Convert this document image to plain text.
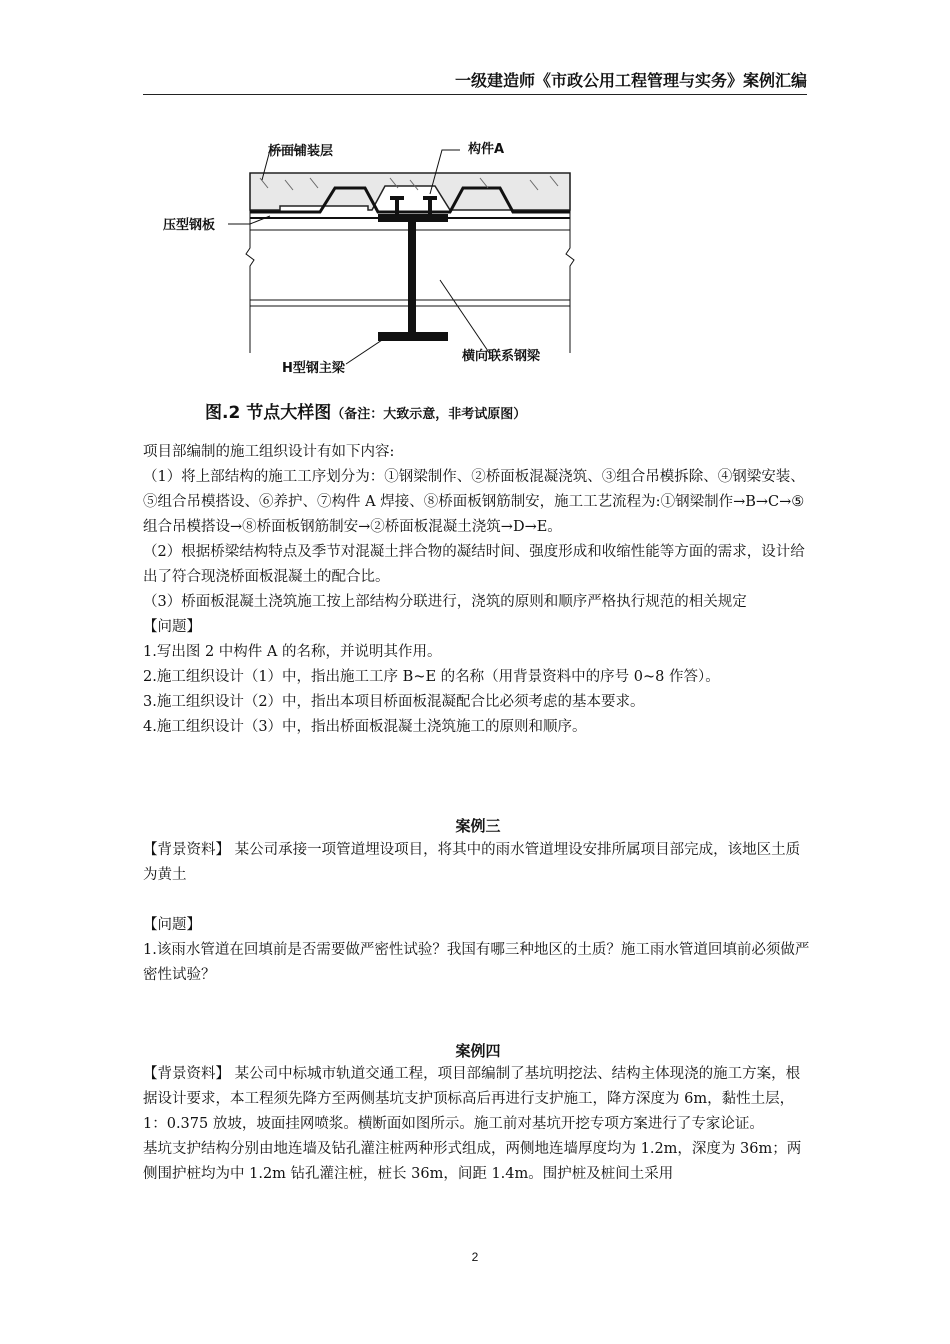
一级建造师《市政公用工程管理与实务》案例汇编
桥面铺装层	构件A
压型钢板
H型钢主梁
横向联系钢梁
图.2 节点大样图（备注：大致示意，非考试原图）

项目部编制的施工组织设计有如下内容:

（1）将上部结构的施工工序划分为：①钢梁制作、②桥面板混凝浇筑、③组合吊模拆除、④钢梁安装、⑤组合吊模搭设、⑥养护、⑦构件 A 焊接、⑧桥面板钢筋制安，施工工艺流程为:①钢梁制作→B→C→⑤组合吊模搭设→⑧桥面板钢筋制安→②桥面板混凝土浇筑→D→E。

（2）根据桥梁结构特点及季节对混凝土拌合物的凝结时间、强度形成和收缩性能等方面的需求，设计给出了符合现浇桥面板混凝土的配合比。

（3）桥面板混凝土浇筑施工按上部结构分联进行，浇筑的原则和顺序严格执行规范的相关规定

【问题】

1.写出图 2 中构件 A 的名称，并说明其作用。

2.施工组织设计（1）中，指出施工工序 B~E 的名称（用背景资料中的序号 0~8 作答）。

3.施工组织设计（2）中，指出本项目桥面板混凝配合比必须考虑的基本要求。

4.施工组织设计（3）中，指出桥面板混凝土浇筑施工的原则和顺序。

案例三

【背景资料】 某公司承接一项管道埋设项目，将其中的雨水管道埋设安排所属项目部完成，该地区土质为黄土

【问题】

1.该雨水管道在回填前是否需要做严密性试验？我国有哪三种地区的土质？施工雨水管道回填前必须做严密性试验？

案例四

【背景资料】 某公司中标城市轨道交通工程，项目部编制了基坑明挖法、结构主体现浇的施工方案，根据设计要求，本工程须先降方至两侧基坑支护顶标高后再进行支护施工，降方深度为 6m，黏性土层，1：0.375 放坡，坡面挂网喷浆。横断面如图所示。施工前对基坑开挖专项方案进行了专家论证。

基坑支护结构分别由地连墙及钻孔灌注桩两种形式组成，两侧地连墙厚度均为 1.2m，深度为 36m；两侧围护桩均为中 1.2m 钻孔灌注桩，桩长 36m，间距 1.4m。围护桩及桩间土采用

2
